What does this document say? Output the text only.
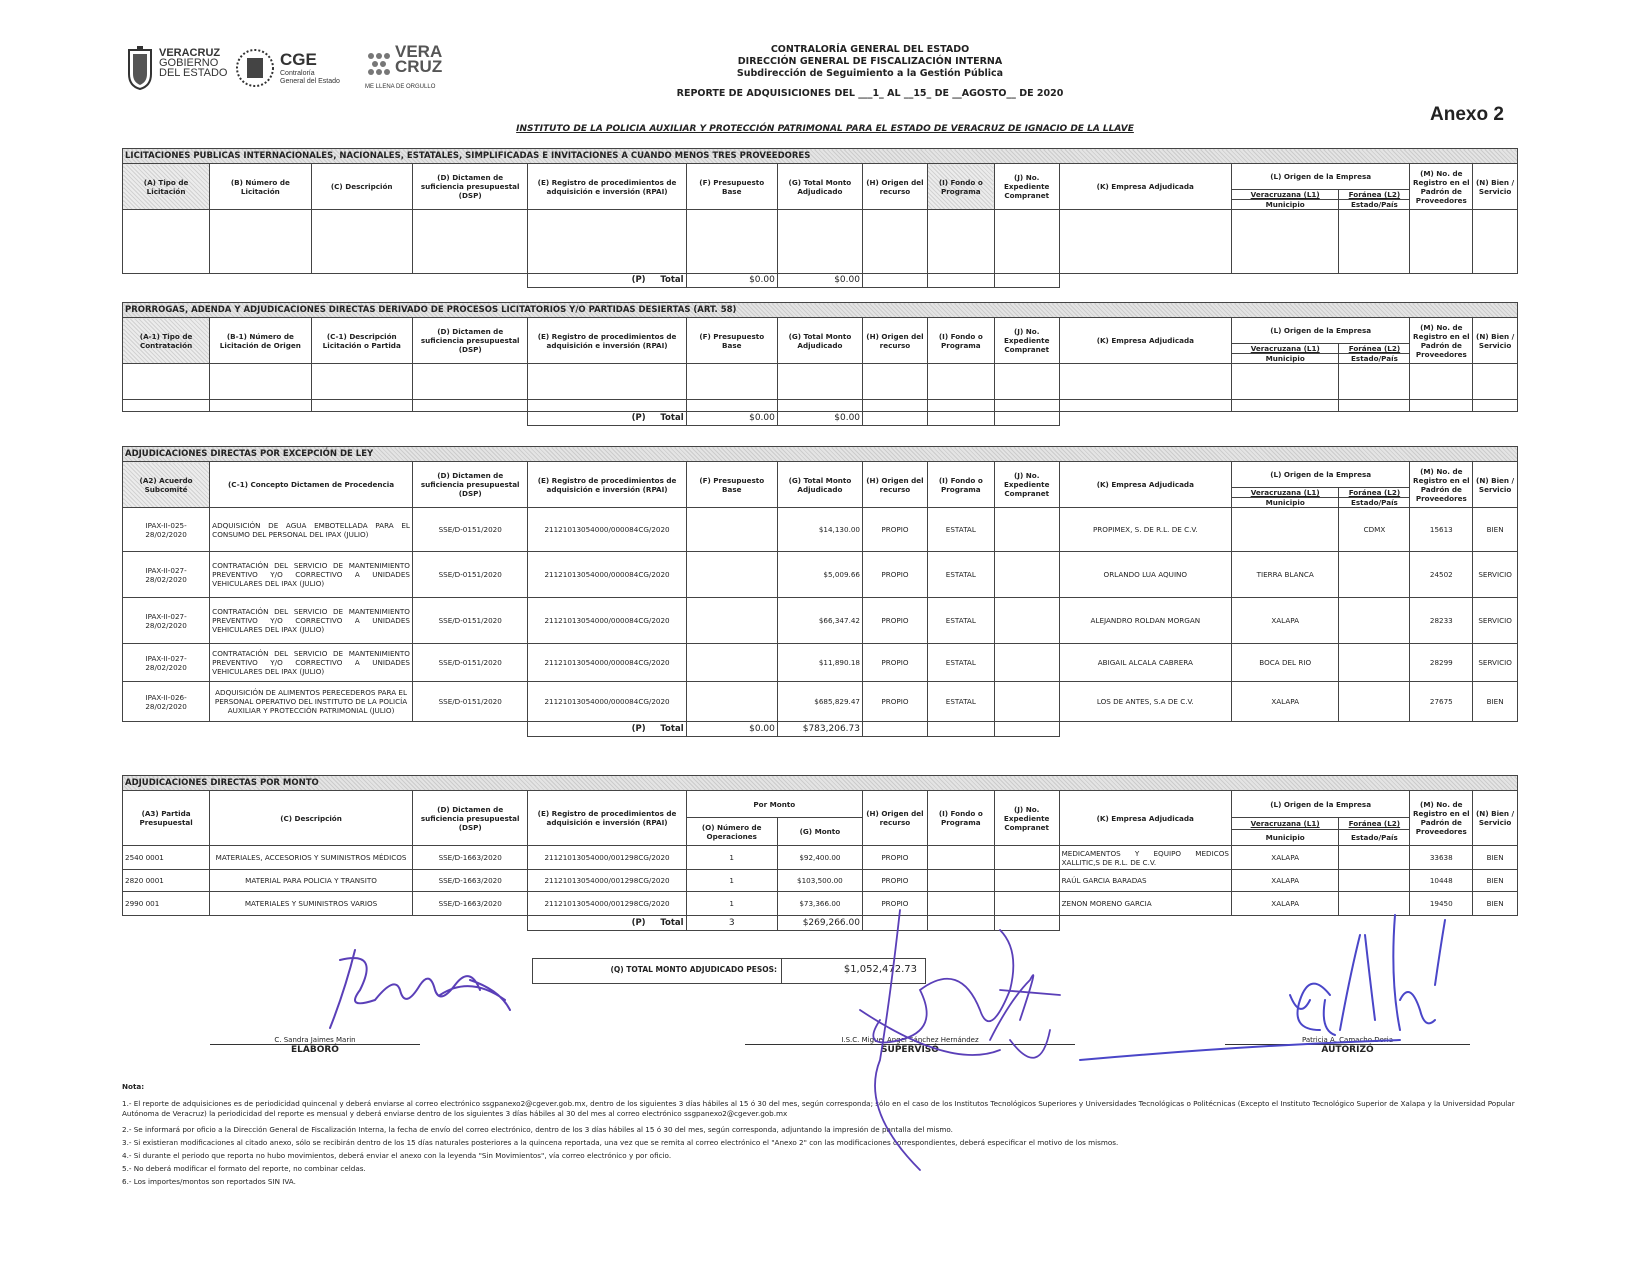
VERACRUZ
GOBIERNO
DEL ESTADO
CGE
Contraloría
General del Estado
VERA
CRUZ
ME LLENA DE ORGULLO
CONTRALORÍA GENERAL DEL ESTADO
DIRECCIÓN GENERAL DE FISCALIZACIÓN INTERNA
Subdirección de Seguimiento a la Gestión Pública
REPORTE DE ADQUISICIONES DEL ___1_ AL __15_ DE __AGOSTO__ DE 2020
Anexo 2
INSTITUTO DE LA POLICIA AUXILIAR Y PROTECCIÓN PATRIMONAL PARA EL ESTADO DE VERACRUZ DE IGNACIO DE LA LLAVE
LICITACIONES PUBLICAS INTERNACIONALES, NACIONALES, ESTATALES, SIMPLIFICADAS E INVITACIONES A CUANDO MENOS TRES PROVEEDORES														
(A) Tipo de Licitación	(B) Número de Licitación	(C) Descripción	(D) Dictamen de suficiencia presupuestal (DSP)	(E) Registro de procedimientos de adquisición e inversión (RPAI)	(F) Presupuesto Base	(G) Total Monto Adjudicado	(H) Origen del recurso	(I) Fondo o Programa	(J) No. Expediente Compranet	(K) Empresa Adjudicada	(L) Origen de la Empresa		(M) No. de Registro en el Padrón de Proveedores	(N) Bien / Servicio
											Veracruzana (L1)	Foránea (L2)		
											Municipio	Estado/País		

				(P) Total	$0.00	$0.00								
PRORROGAS, ADENDA Y ADJUDICACIONES DIRECTAS DERIVADO DE PROCESOS LICITATORIOS Y/O PARTIDAS DESIERTAS (ART. 58)														
(A-1) Tipo de Contratación	(B-1) Número de Licitación de Origen	(C-1) Descripción Licitación o Partida	(D) Dictamen de suficiencia presupuestal (DSP)	(E) Registro de procedimientos de adquisición e inversión (RPAI)	(F) Presupuesto Base	(G) Total Monto Adjudicado	(H) Origen del recurso	(I) Fondo o Programa	(J) No. Expediente Compranet	(K) Empresa Adjudicada	(L) Origen de la Empresa		(M) No. de Registro en el Padrón de Proveedores	(N) Bien / Servicio
											Veracruzana (L1)	Foránea (L2)		
											Municipio	Estado/País		

				(P) Total	$0.00	$0.00								
ADJUDICACIONES DIRECTAS POR EXCEPCIÓN DE LEY													
(A2) Acuerdo Subcomité	(C-1) Concepto Dictamen de Procedencia	(D) Dictamen de suficiencia presupuestal (DSP)	(E) Registro de procedimientos de adquisición e inversión (RPAI)	(F) Presupuesto Base	(G) Total Monto Adjudicado	(H) Origen del recurso	(I) Fondo o Programa	(J) No. Expediente Compranet	(K) Empresa Adjudicada	(L) Origen de la Empresa		(M) No. de Registro en el Padrón de Proveedores	(N) Bien / Servicio
										Veracruzana (L1)	Foránea (L2)		
										Municipio	Estado/País		
IPAX-II-025-28/02/2020	ADQUISICIÓN DE AGUA EMBOTELLADA PARA EL CONSUMO DEL PERSONAL DEL IPAX (JULIO)	SSE/D-0151/2020	21121013054000/000084CG/2020		$14,130.00	PROPIO	ESTATAL		PROPIMEX, S. DE R.L. DE C.V.		CDMX	15613	BIEN
IPAX-II-027-28/02/2020	CONTRATACIÓN DEL SERVICIO DE MANTENIMIENTO PREVENTIVO Y/O CORRECTIVO A UNIDADES VEHICULARES DEL IPAX (JULIO)	SSE/D-0151/2020	21121013054000/000084CG/2020		$5,009.66	PROPIO	ESTATAL		ORLANDO LUA AQUINO	TIERRA BLANCA		24502	SERVICIO
IPAX-II-027-28/02/2020	CONTRATACIÓN DEL SERVICIO DE MANTENIMIENTO PREVENTIVO Y/O CORRECTIVO A UNIDADES VEHICULARES DEL IPAX (JULIO)	SSE/D-0151/2020	21121013054000/000084CG/2020		$66,347.42	PROPIO	ESTATAL		ALEJANDRO ROLDAN MORGAN	XALAPA		28233	SERVICIO
IPAX-II-027-28/02/2020	CONTRATACIÓN DEL SERVICIO DE MANTENIMIENTO PREVENTIVO Y/O CORRECTIVO A UNIDADES VEHICULARES DEL IPAX (JULIO)	SSE/D-0151/2020	21121013054000/000084CG/2020		$11,890.18	PROPIO	ESTATAL		ABIGAIL ALCALA CABRERA	BOCA DEL RIO		28299	SERVICIO
IPAX-II-026-28/02/2020	ADQUISICIÓN DE ALIMENTOS PERECEDEROS PARA EL PERSONAL OPERATIVO DEL INSTITUTO DE LA POLICÍA AUXILIAR Y PROTECCIÓN PATRIMONIAL (JULIO)	SSE/D-0151/2020	21121013054000/000084CG/2020		$685,829.47	PROPIO	ESTATAL		LOS DE ANTES, S.A DE C.V.	XALAPA		27675	BIEN
			(P) Total	$0.00	$783,206.73								
ADJUDICACIONES DIRECTAS POR MONTO													
(A3) Partida Presupuestal	(C) Descripción	(D) Dictamen de suficiencia presupuestal (DSP)	(E) Registro de procedimientos de adquisición e inversión (RPAI)	Por Monto		(H) Origen del recurso	(I) Fondo o Programa	(J) No. Expediente Compranet	(K) Empresa Adjudicada	(L) Origen de la Empresa		(M) No. de Registro en el Padrón de Proveedores	(N) Bien / Servicio
				(O) Número de Operaciones	(G) Monto					Veracruzana (L1)	Foránea (L2)		
										Municipio	Estado/País		
2540 0001	MATERIALES, ACCESORIOS Y SUMINISTROS MÉDICOS	SSE/D-1663/2020	21121013054000/001298CG/2020	1	$92,400.00	PROPIO			MEDICAMENTOS Y EQUIPO MEDICOS XALLITIC,S DE R.L. DE C.V.	XALAPA		33638	BIEN
2820 0001	MATERIAL PARA POLICIA Y TRANSITO	SSE/D-1663/2020	21121013054000/001298CG/2020	1	$103,500.00	PROPIO			RAÚL GARCIA BARADAS	XALAPA		10448	BIEN
2990 001	MATERIALES Y SUMINISTROS VARIOS	SSE/D-1663/2020	21121013054000/001298CG/2020	1	$73,366.00	PROPIO			ZENON MORENO GARCIA	XALAPA		19450	BIEN
			(P) Total	3	$269,266.00								
(Q) TOTAL MONTO ADJUDICADO PESOS:	$1,052,472.73
C. Sandra Jaimes Marin
ELABORÓ
I.S.C. Miguel Angel Sánchez Hernández
SUPERVISÓ
Patricia A. Camacho Doria
AUTORIZÓ

Nota:

1.- El reporte de adquisiciones es de periodicidad quincenal y deberá enviarse al correo electrónico ssgpanexo2@cgever.gob.mx, dentro de los siguientes 3 días hábiles al 15 ó 30 del mes, según corresponda; sólo en el caso de los Institutos Tecnológicos Superiores y Universidades Tecnológicas o Politécnicas (Excepto el Instituto Tecnológico Superior de Xalapa y la Universidad Popular Autónoma de Veracruz) la periodicidad del reporte es mensual y deberá enviarse dentro de los siguientes 3 días hábiles al 30 del mes al correo electrónico ssgpanexo2@cgever.gob.mx

2.- Se informará por oficio a la Dirección General de Fiscalización Interna, la fecha de envío del correo electrónico, dentro de los 3 días hábiles al 15 ó 30 del mes, según corresponda, adjuntando la impresión de pantalla del mismo.

3.- Si existieran modificaciones al citado anexo, sólo se recibirán dentro de los 15 días naturales posteriores a la quincena reportada, una vez que se remita al correo electrónico el "Anexo 2" con las modificaciones correspondientes, deberá especificar el motivo de los mismos.

4.- Si durante el periodo que reporta no hubo movimientos, deberá enviar el anexo con la leyenda "Sin Movimientos", vía correo electrónico y por oficio.

5.- No deberá modificar el formato del reporte, no combinar celdas.

6.- Los importes/montos son reportados SIN IVA.
